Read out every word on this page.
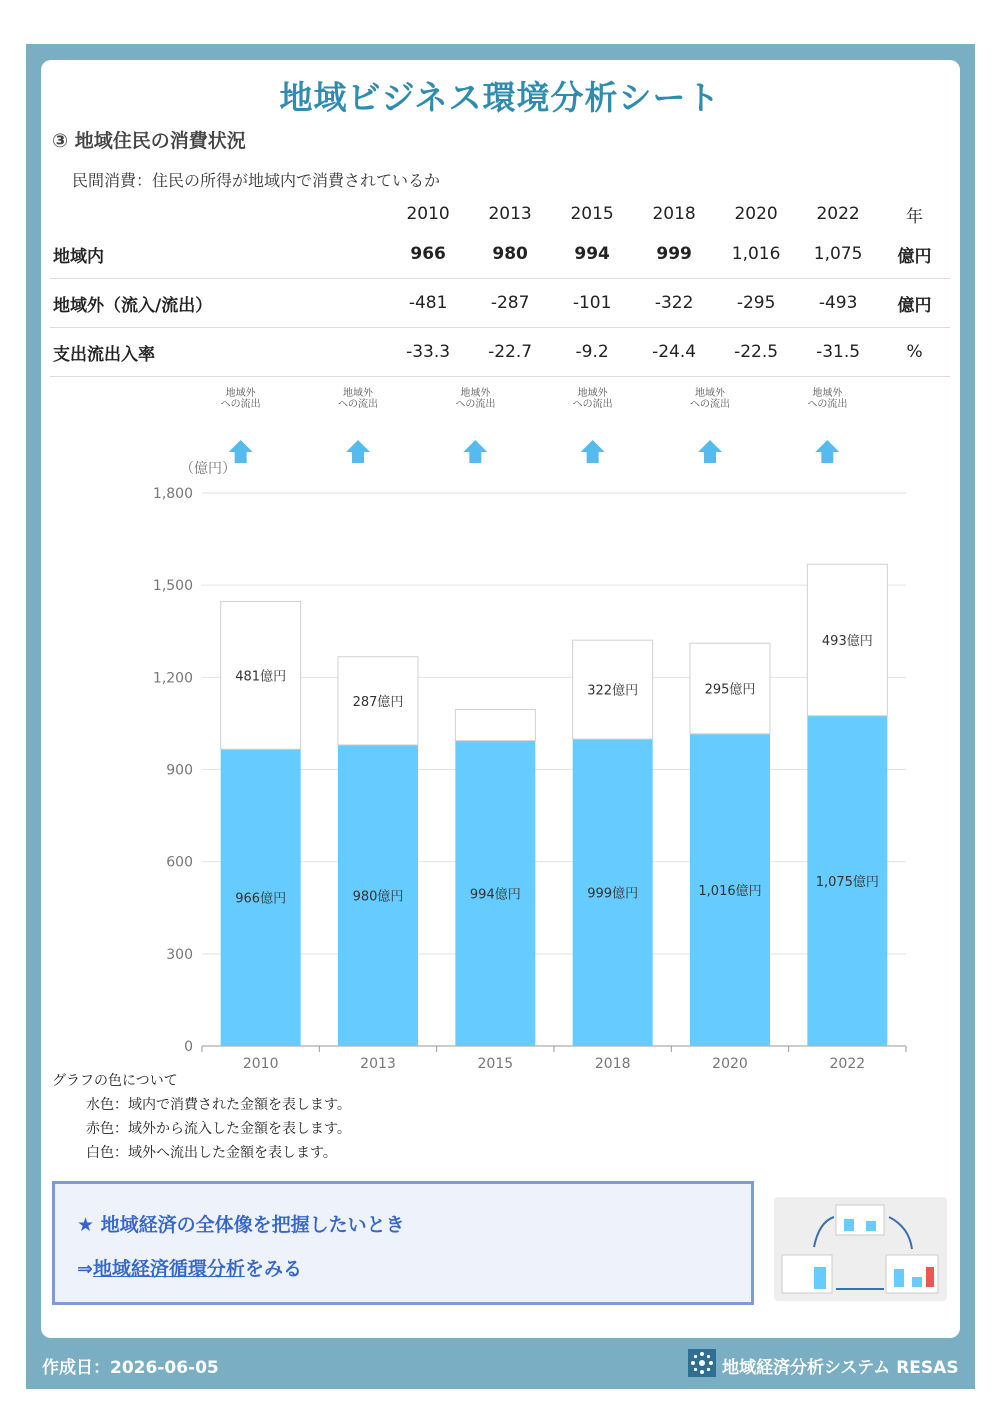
地域ビジネス環境分析シート
③ 地域住民の消費状況
民間消費：住民の所得が地域内で消費されているか
	2010	2013	2015	2018	2020	2022	年
地域内	966	980	994	999	1,016	1,075	億円
地域外（流入/流出）	-481	-287	-101	-322	-295	-493	億円
支出流出入率	-33.3	-22.7	-9.2	-24.4	-22.5	-31.5	%
0
300
600
900
1,200
1,500
1,800
（億円）
966億円
481億円
2010
地域外
への流出
980億円
287億円
2013
地域外
への流出
994億円
2015
地域外
への流出
999億円
322億円
2018
地域外
への流出
1,016億円
295億円
2020
地域外
への流出
1,075億円
493億円
2022
地域外
への流出
グラフの色について
水色：域内で消費された金額を表します。
赤色：域外から流入した金額を表します。
白色：域外へ流出した金額を表します。
★ 地域経済の全体像を把握したいとき
⇒地域経済循環分析をみる
作成日：2026-06-05	地域経済分析システム RESAS
